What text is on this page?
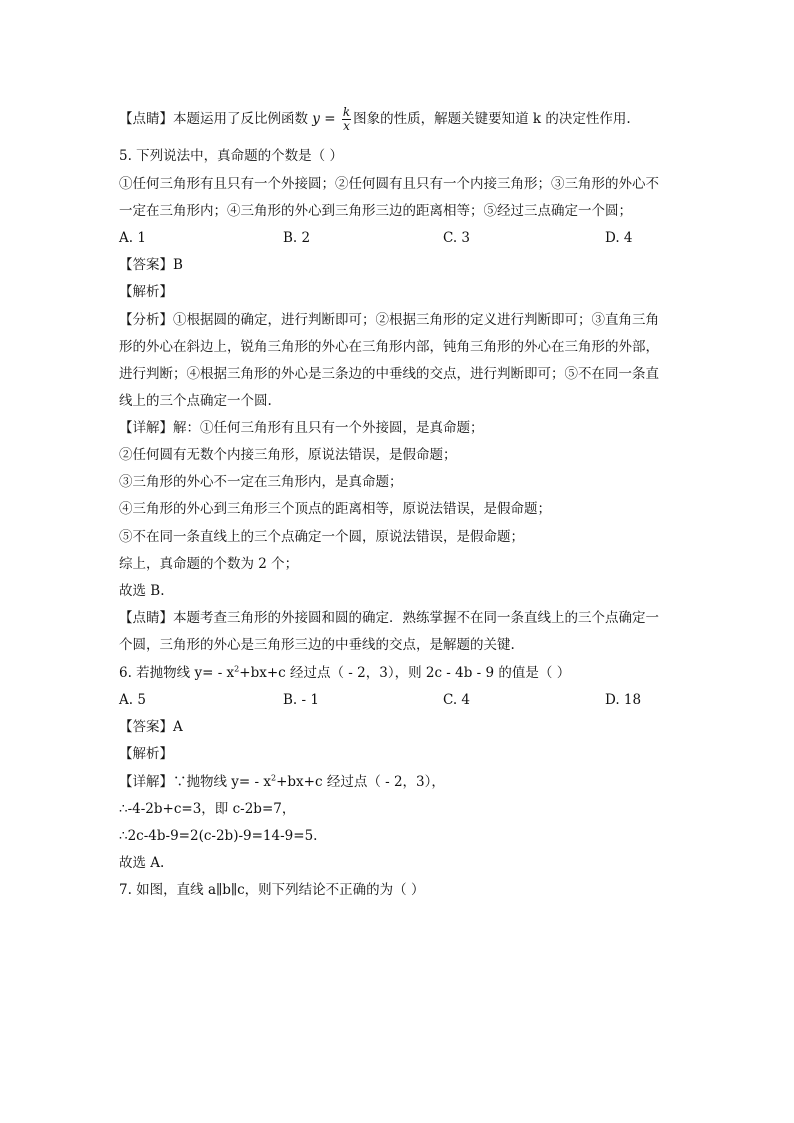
【点睛】本题运用了反比例函数 $y = \frac{k}{x}$ 图象的性质，解题关键要知道 k 的决定性作用.
5. 下列说法中，真命题的个数是（ ）
①任何三角形有且只有一个外接圆；②任何圆有且只有一个内接三角形；③三角形的外心不
一定在三角形内；④三角形的外心到三角形三边的距离相等；⑤经过三点确定一个圆；
A. 1	B. 2	C. 3	D. 4
【答案】B
【解析】
【分析】①根据圆的确定，进行判断即可；②根据三角形的定义进行判断即可；③直角三角
形的外心在斜边上，锐角三角形的外心在三角形内部，钝角三角形的外心在三角形的外部，
进行判断；④根据三角形的外心是三条边的中垂线的交点，进行判断即可；⑤不在同一条直
线上的三个点确定一个圆.
【详解】解：①任何三角形有且只有一个外接圆，是真命题；
②任何圆有无数个内接三角形，原说法错误，是假命题；
③三角形的外心不一定在三角形内，是真命题；
④三角形的外心到三角形三个顶点的距离相等，原说法错误，是假命题；
⑤不在同一条直线上的三个点确定一个圆，原说法错误，是假命题；
综上，真命题的个数为 2 个；
故选 B.
【点睛】本题考查三角形的外接圆和圆的确定．熟练掌握不在同一条直线上的三个点确定一
个圆，三角形的外心是三角形三边的中垂线的交点，是解题的关键.
6. 若抛物线 $y= - x^2+bx+c$ 经过点（ - 2，3），则 2c - 4b - 9 的值是（ ）
A. 5	B. - 1	C. 4	D. 18
【答案】A
【解析】
【详解】∵抛物线 $y= - x^2+bx+c$ 经过点（ - 2，3），
∴-4-2b+c=3，即 c-2b=7，
∴2c-4b-9=2(c-2b)-9=14-9=5.
故选 A.
7. 如图，直线 a∥b∥c，则下列结论不正确的为（ ）
